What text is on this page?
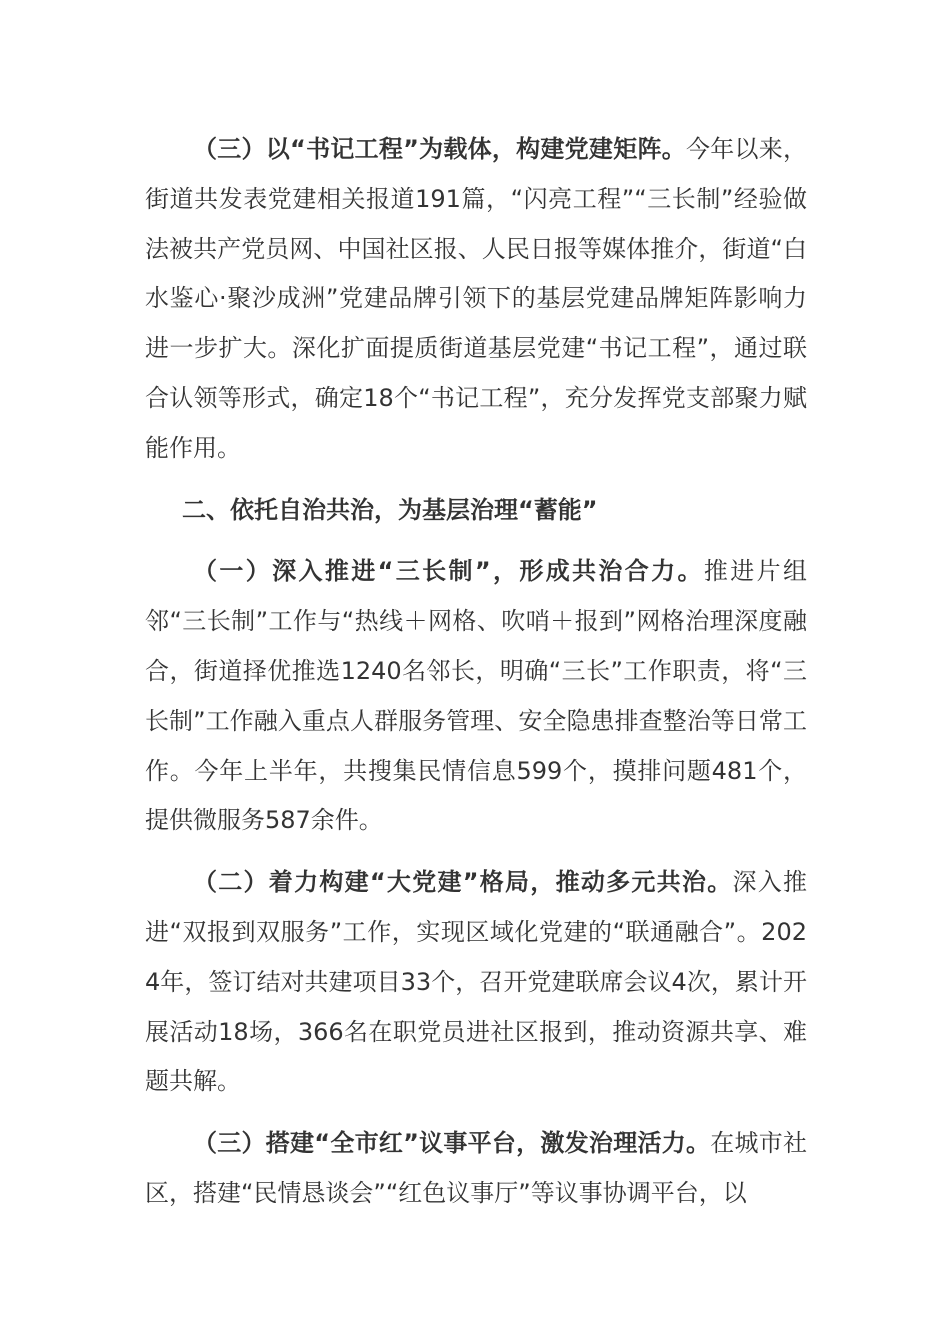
（三）以“书记工程”为载体，构建党建矩阵。今年以来，街道共发表党建相关报道191篇，“闪亮工程”“三长制”经验做法被共产党员网、中国社区报、人民日报等媒体推介，街道“白水鉴心·聚沙成洲”党建品牌引领下的基层党建品牌矩阵影响力进一步扩大。深化扩面提质街道基层党建“书记工程”，通过联合认领等形式，确定18个“书记工程”，充分发挥党支部聚力赋能作用。

二、依托自治共治，为基层治理“蓄能”

（一）深入推进“三长制”，形成共治合力。推进片组邻“三长制”工作与“热线＋网格、吹哨＋报到”网格治理深度融合，街道择优推选1240名邻长，明确“三长”工作职责，将“三长制”工作融入重点人群服务管理、安全隐患排查整治等日常工作。今年上半年，共搜集民情信息599个，摸排问题481个，提供微服务587余件。

（二）着力构建“大党建”格局，推动多元共治。深入推进“双报到双服务”工作，实现区域化党建的“联通融合”。2024年，签订结对共建项目33个，召开党建联席会议4次，累计开展活动18场，366名在职党员进社区报到，推动资源共享、难题共解。

（三）搭建“全市红”议事平台，激发治理活力。在城市社区，搭建“民情恳谈会”“红色议事厅”等议事协调平台，以
